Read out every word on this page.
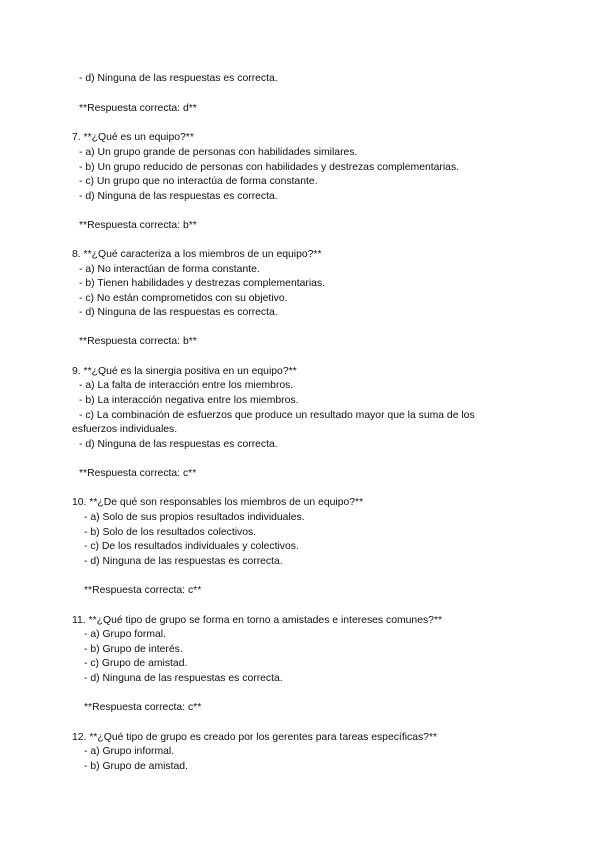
- d) Ninguna de las respuestas es correcta.
**Respuesta correcta: d**
7. **¿Qué es un equipo?**
- a) Un grupo grande de personas con habilidades similares.
- b) Un grupo reducido de personas con habilidades y destrezas complementarias.
- c) Un grupo que no interactúa de forma constante.
- d) Ninguna de las respuestas es correcta.
**Respuesta correcta: b**
8. **¿Qué caracteriza a los miembros de un equipo?**
- a) No interactúan de forma constante.
- b) Tienen habilidades y destrezas complementarias.
- c) No están comprometidos con su objetivo.
- d) Ninguna de las respuestas es correcta.
**Respuesta correcta: b**
9. **¿Qué es la sinergia positiva en un equipo?**
- a) La falta de interacción entre los miembros.
- b) La interacción negativa entre los miembros.
- c) La combinación de esfuerzos que produce un resultado mayor que la suma de los
esfuerzos individuales.
- d) Ninguna de las respuestas es correcta.
**Respuesta correcta: c**
10. **¿De qué son responsables los miembros de un equipo?**
- a) Solo de sus propios resultados individuales.
- b) Solo de los resultados colectivos.
- c) De los resultados individuales y colectivos.
- d) Ninguna de las respuestas es correcta.
**Respuesta correcta: c**
11. **¿Qué tipo de grupo se forma en torno a amistades e intereses comunes?**
- a) Grupo formal.
- b) Grupo de interés.
- c) Grupo de amistad.
- d) Ninguna de las respuestas es correcta.
**Respuesta correcta: c**
12. **¿Qué tipo de grupo es creado por los gerentes para tareas específicas?**
- a) Grupo informal.
- b) Grupo de amistad.
